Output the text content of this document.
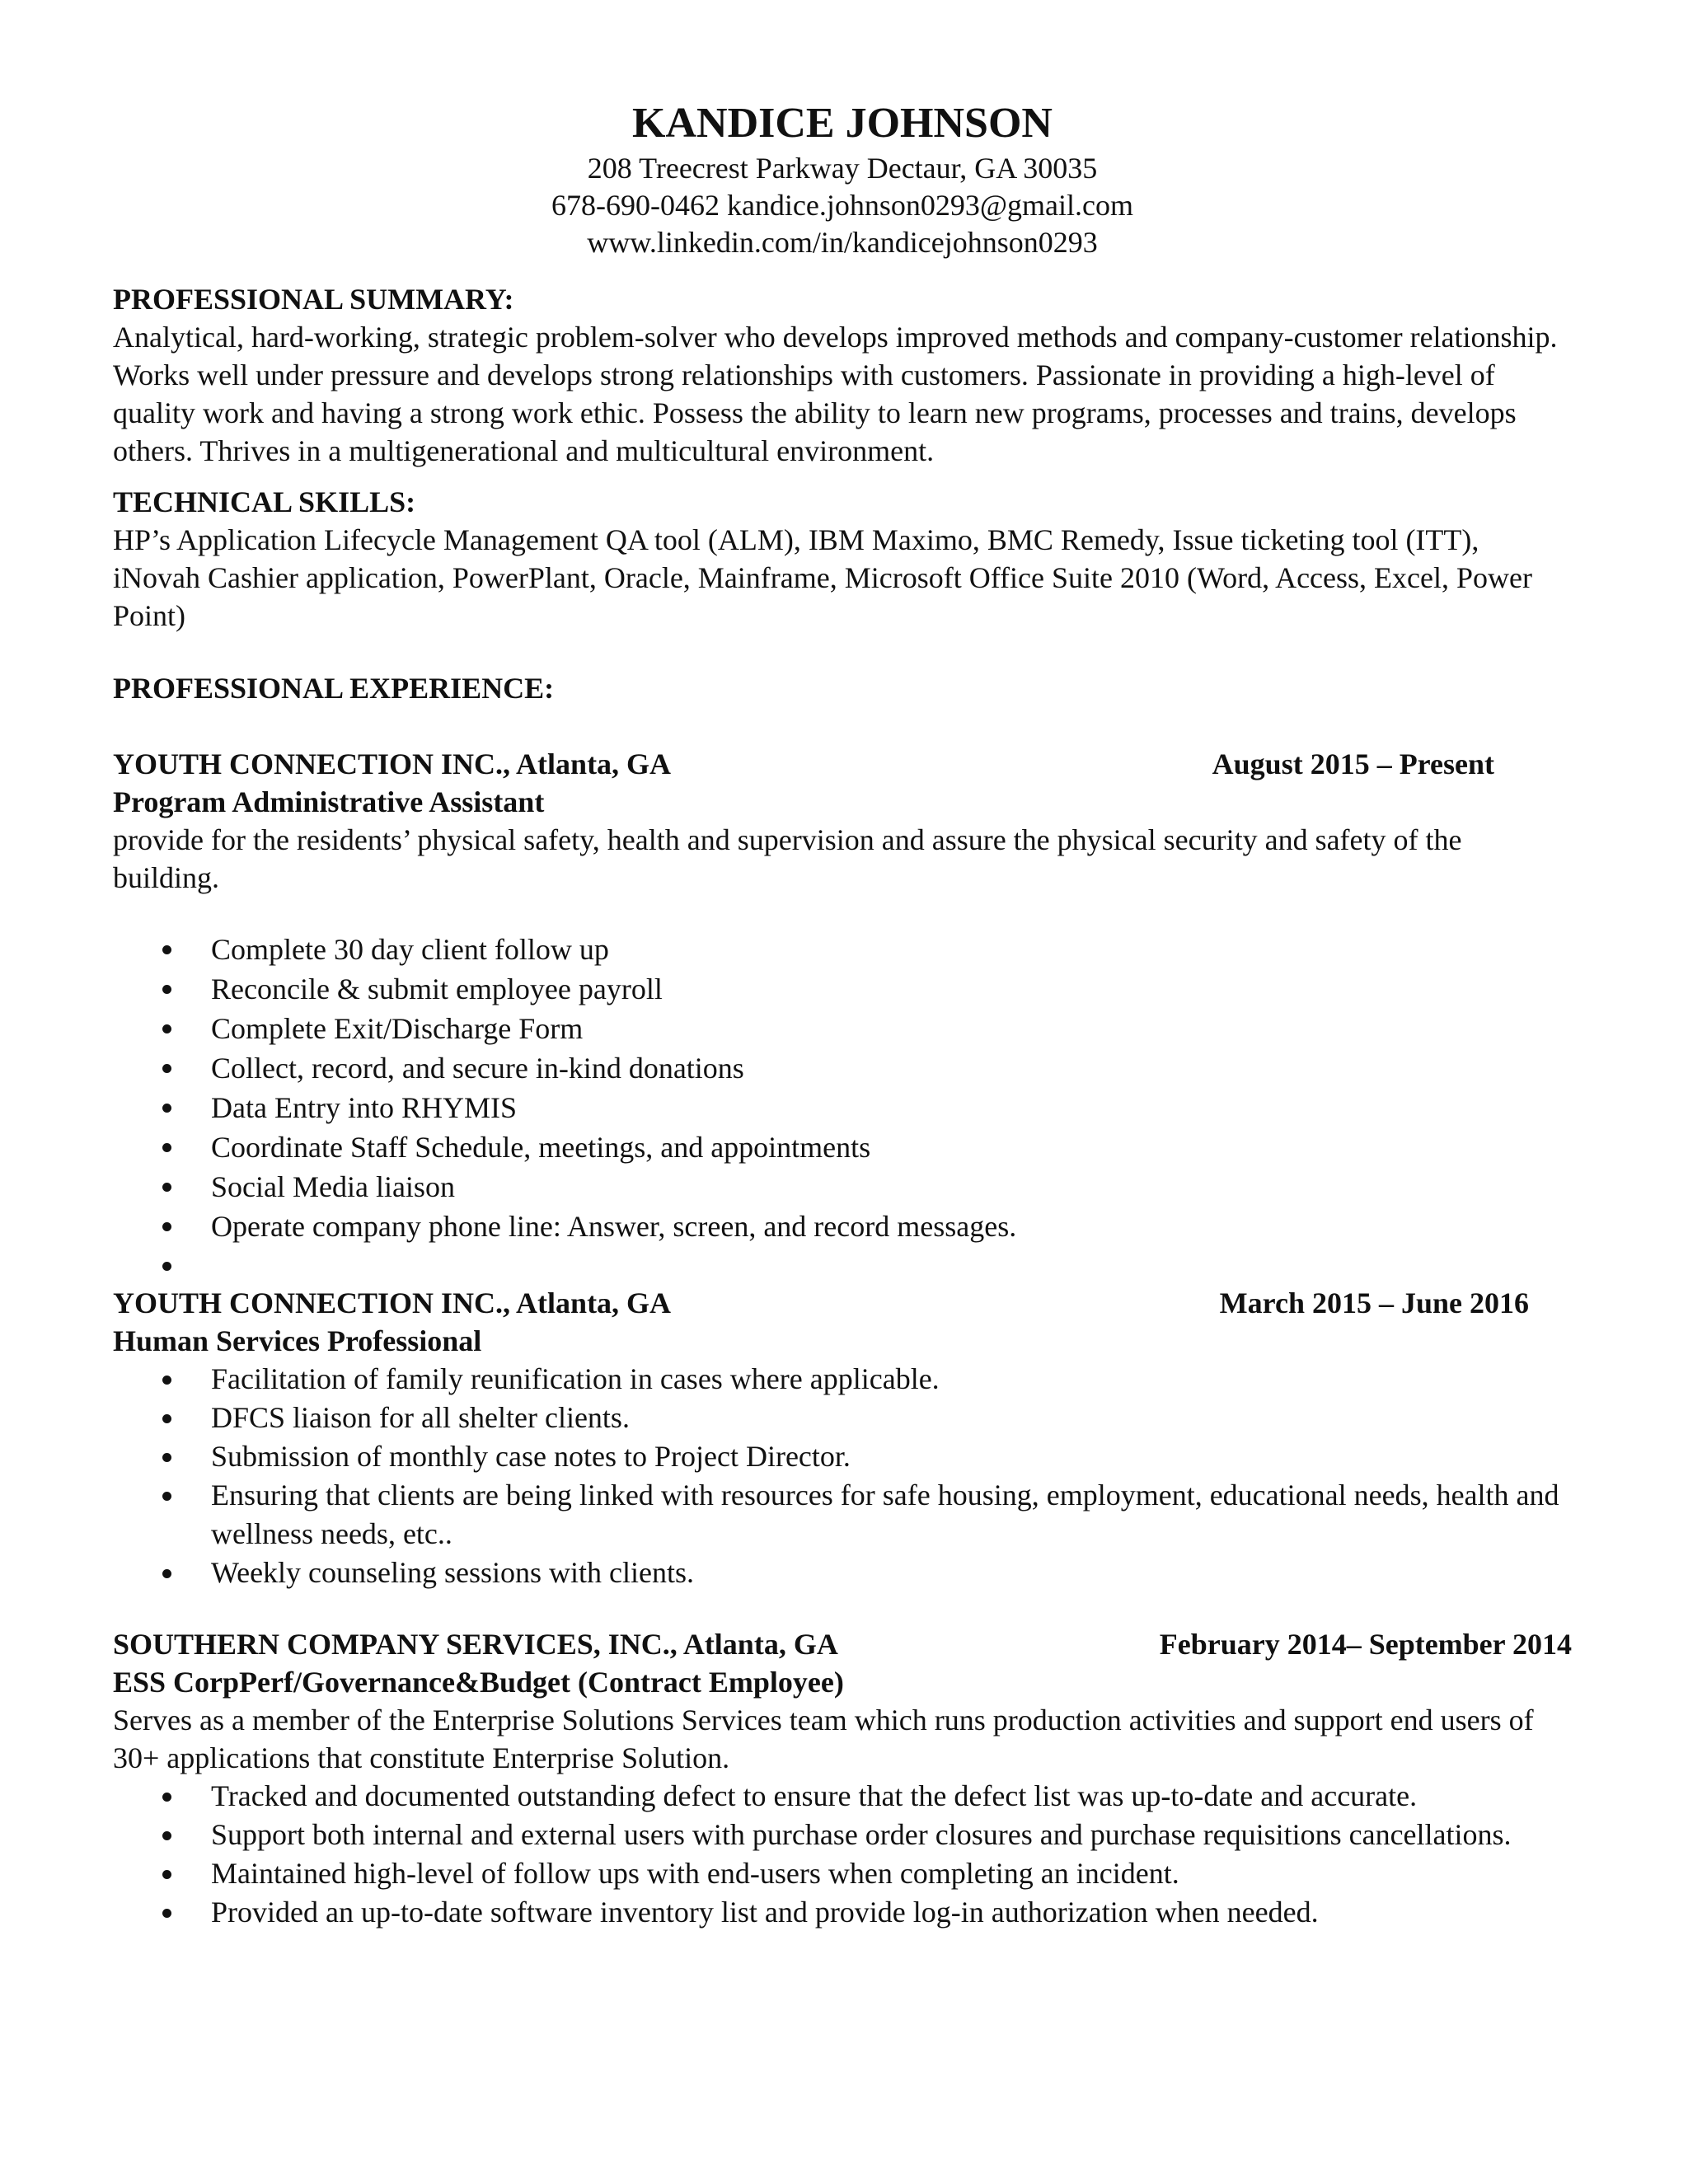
KANDICE JOHNSON
208 Treecrest Parkway Dectaur, GA 30035
678-690-0462 kandice.johnson0293@gmail.com
www.linkedin.com/in/kandicejohnson0293
PROFESSIONAL SUMMARY:

Analytical, hard-working, strategic problem-solver who develops improved methods and company-customer relationship. Works well under pressure and develops strong relationships with customers. Passionate in providing a high-level of quality work and having a strong work ethic. Possess the ability to learn new programs, processes and trains, develops others. Thrives in a multigenerational and multicultural environment.

TECHNICAL SKILLS:

HP’s Application Lifecycle Management QA tool (ALM), IBM Maximo, BMC Remedy, Issue ticketing tool (ITT), iNovah Cashier application, PowerPlant, Oracle, Mainframe, Microsoft Office Suite 2010 (Word, Access, Excel, Power Point)

PROFESSIONAL EXPERIENCE:
YOUTH CONNECTION INC., Atlanta, GA	August 2015 – Present
Program Administrative Assistant

provide for the residents’ physical safety, health and supervision and assure the physical security and safety of the building.

Complete 30 day client follow up
Reconcile & submit employee payroll
Complete Exit/Discharge Form
Collect, record, and secure in-kind donations
Data Entry into RHYMIS
Coordinate Staff Schedule, meetings, and appointments
Social Media liaison
Operate company phone line: Answer, screen, and record messages.
YOUTH CONNECTION INC., Atlanta, GA	March 2015 – June 2016
Human Services Professional
Facilitation of family reunification in cases where applicable.
DFCS liaison for all shelter clients.
Submission of monthly case notes to Project Director.
Ensuring that clients are being linked with resources for safe housing, employment, educational needs, health and wellness needs, etc..
Weekly counseling sessions with clients.
SOUTHERN COMPANY SERVICES, INC., Atlanta, GA	February 2014– September 2014
ESS CorpPerf/Governance&Budget (Contract Employee)

Serves as a member of the Enterprise Solutions Services team which runs production activities and support end users of 30+ applications that constitute Enterprise Solution.

Tracked and documented outstanding defect to ensure that the defect list was up-to-date and accurate.
Support both internal and external users with purchase order closures and purchase requisitions cancellations.
Maintained high-level of follow ups with end-users when completing an incident.
Provided an up-to-date software inventory list and provide log-in authorization when needed.
